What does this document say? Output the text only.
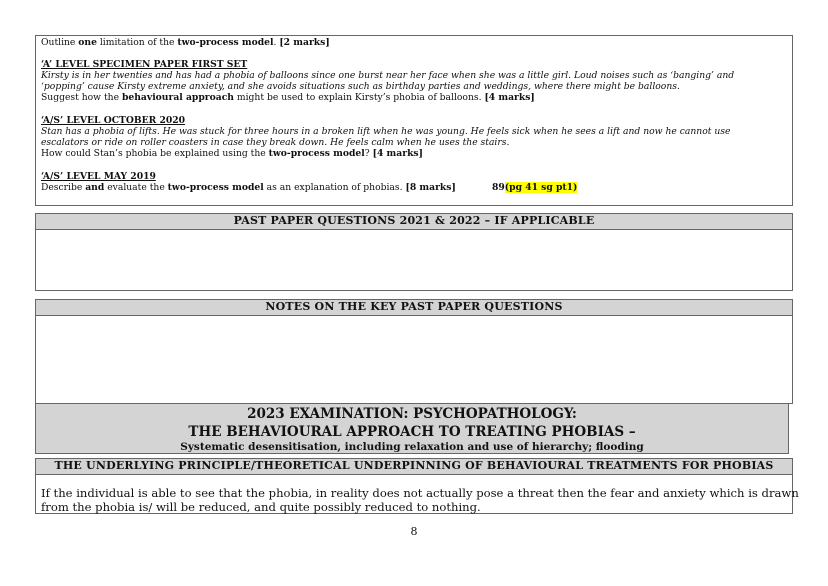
Outline one limitation of the two-process model. [2 marks]

‘A’ LEVEL SPECIMEN PAPER FIRST SET

Kirsty is in her twenties and has had a phobia of balloons since one burst near her face when she was a little girl. Loud noises such as ‘banging’ and

‘popping’ cause Kirsty extreme anxiety, and she avoids situations such as birthday parties and weddings, where there might be balloons.

Suggest how the behavioural approach might be used to explain Kirsty’s phobia of balloons. [4 marks]

‘A/S’ LEVEL OCTOBER 2020

Stan has a phobia of lifts. He was stuck for three hours in a broken lift when he was young. He feels sick when he sees a lift and now he cannot use

escalators or ride on roller coasters in case they break down. He feels calm when he uses the stairs.

How could Stan’s phobia be explained using the two-process model? [4 marks]

‘A/S’ LEVEL MAY 2019

Describe and evaluate the two-process model as an explanation of phobias. [8 marks]	89(pg 41 sg pt1)

PAST PAPER QUESTIONS 2021 & 2022 – IF APPLICABLE
NOTES ON THE KEY PAST PAPER QUESTIONS
2023 EXAMINATION: PSYCHOPATHOLOGY:
THE BEHAVIOURAL APPROACH TO TREATING PHOBIAS –
Systematic desensitisation, including relaxation and use of hierarchy; flooding
THE UNDERLYING PRINCIPLE/THEORETICAL UNDERPINNING OF BEHAVIOURAL TREATMENTS FOR PHOBIAS

If the individual is able to see that the phobia, in reality does not actually pose a threat then the fear and anxiety which is drawn

from the phobia is/ will be reduced, and quite possibly reduced to nothing.

8
